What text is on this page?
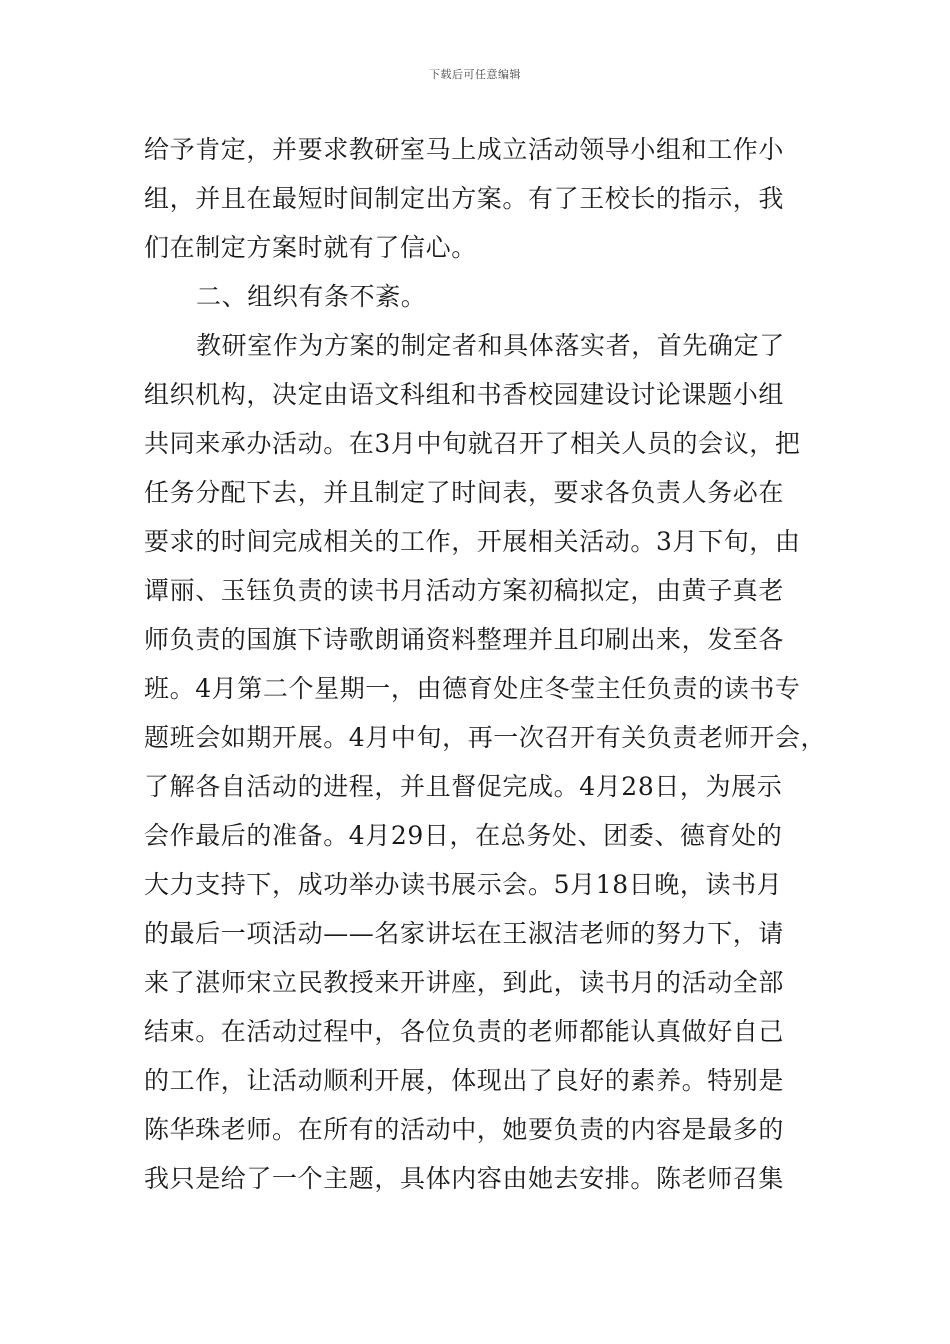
下载后可任意编辑
给予肯定，并要求教研室马上成立活动领导小组和工作小
组，并且在最短时间制定出方案。有了王校长的指示，我
们在制定方案时就有了信心。
二、组织有条不紊。
教研室作为方案的制定者和具体落实者，首先确定了
组织机构，决定由语文科组和书香校园建设讨论课题小组
共同来承办活动。在3月中旬就召开了相关人员的会议，把
任务分配下去，并且制定了时间表，要求各负责人务必在
要求的时间完成相关的工作，开展相关活动。3月下旬，由
谭丽、玉钰负责的读书月活动方案初稿拟定，由黄子真老
师负责的国旗下诗歌朗诵资料整理并且印刷出来，发至各
班。4月第二个星期一，由德育处庄冬莹主任负责的读书专
题班会如期开展。4月中旬，再一次召开有关负责老师开会，
了解各自活动的进程，并且督促完成。4月28日，为展示
会作最后的准备。4月29日，在总务处、团委、德育处的
大力支持下，成功举办读书展示会。5月18日晚，读书月
的最后一项活动——名家讲坛在王淑洁老师的努力下，请
来了湛师宋立民教授来开讲座，到此，读书月的活动全部
结束。在活动过程中，各位负责的老师都能认真做好自己
的工作，让活动顺利开展，体现出了良好的素养。特别是
陈华珠老师。在所有的活动中，她要负责的内容是最多的
我只是给了一个主题，具体内容由她去安排。陈老师召集
